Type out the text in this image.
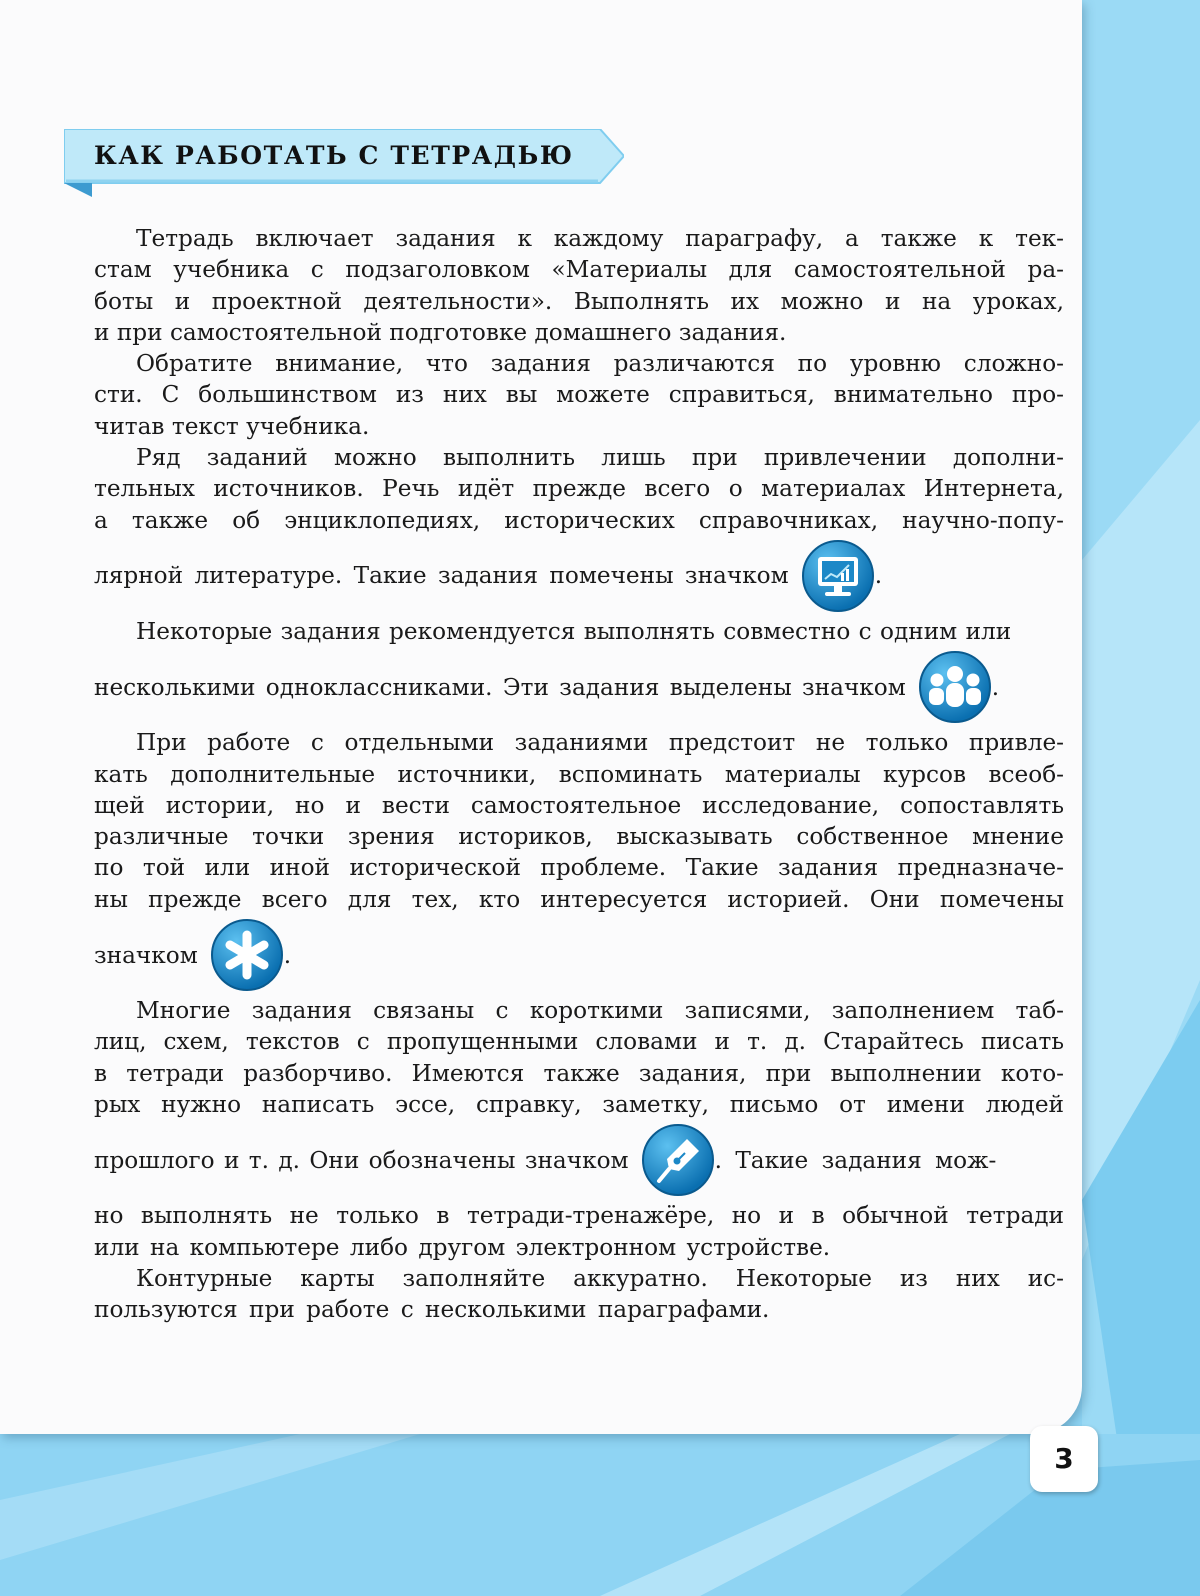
КАК РАБОТАТЬ С ТЕТРАДЬЮ
Тетрадь включает задания к каждому параграфу, а также к тек-
стам учебника с подзаголовком «Материалы для самостоятельной ра-
боты и проектной деятельности». Выполнять их можно и на уроках,
и при самостоятельной подготовке домашнего задания.
Обратите внимание, что задания различаются по уровню сложно-
сти. С большинством из них вы можете справиться, внимательно про-
читав текст учебника.
Ряд заданий можно выполнить лишь при привлечении дополни-
тельных источников. Речь идёт прежде всего о материалах Интернета,
а также об энциклопедиях, исторических справочниках, научно-попу-
лярной литературе. Такие задания помечены значком	.
Некоторые задания рекомендуется выполнять совместно с одним или
несколькими одноклассниками. Эти задания выделены значком	.
При работе с отдельными заданиями предстоит не только привле-
кать дополнительные источники, вспоминать материалы курсов всеоб-
щей истории, но и вести самостоятельное исследование, сопоставлять
различные точки зрения историков, высказывать собственное мнение
по той или иной исторической проблеме. Такие задания предназначе-
ны прежде всего для тех, кто интересуется историей. Они помечены
значком	.
Многие задания связаны с короткими записями, заполнением таб-
лиц, схем, текстов с пропущенными словами и т. д. Старайтесь писать
в тетради разборчиво. Имеются также задания, при выполнении кото-
рых нужно написать эссе, справку, заметку, письмо от имени людей
прошлого и т. д. Они обозначены значком	. Такие задания мож-
но выполнять не только в тетради-тренажёре, но и в обычной тетради
или на компьютере либо другом электронном устройстве.
Контурные карты заполняйте аккуратно. Некоторые из них ис-
пользуются при работе с несколькими параграфами.
3
